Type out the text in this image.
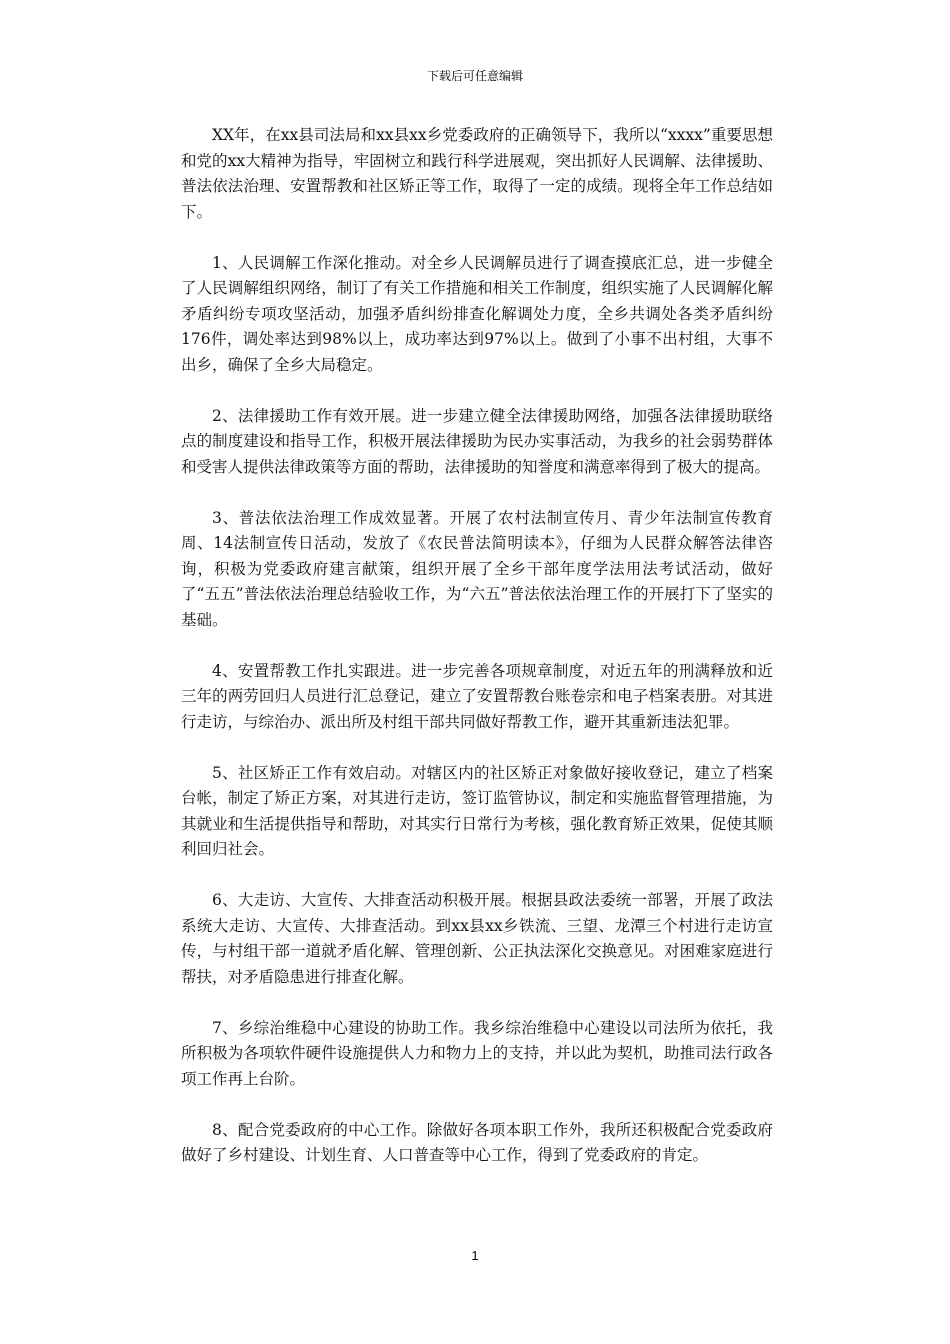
下载后可任意编辑

XX年，在xx县司法局和xx县xx乡党委政府的正确领导下，我所以“xxxx”重要思想和党的xx大精神为指导，牢固树立和践行科学进展观，突出抓好人民调解、法律援助、普法依法治理、安置帮教和社区矫正等工作，取得了一定的成绩。现将全年工作总结如下。

1、人民调解工作深化推动。对全乡人民调解员进行了调查摸底汇总，进一步健全了人民调解组织网络，制订了有关工作措施和相关工作制度，组织实施了人民调解化解矛盾纠纷专项攻坚活动，加强矛盾纠纷排查化解调处力度，全乡共调处各类矛盾纠纷176件，调处率达到98%以上，成功率达到97%以上。做到了小事不出村组，大事不出乡，确保了全乡大局稳定。

2、法律援助工作有效开展。进一步建立健全法律援助网络，加强各法律援助联络点的制度建设和指导工作，积极开展法律援助为民办实事活动，为我乡的社会弱势群体和受害人提供法律政策等方面的帮助，法律援助的知誉度和满意率得到了极大的提高。

3、普法依法治理工作成效显著。开展了农村法制宣传月、青少年法制宣传教育周、14法制宣传日活动，发放了《农民普法简明读本》，仔细为人民群众解答法律咨询，积极为党委政府建言献策，组织开展了全乡干部年度学法用法考试活动，做好了“五五”普法依法治理总结验收工作，为“六五”普法依法治理工作的开展打下了坚实的基础。

4、安置帮教工作扎实跟进。进一步完善各项规章制度，对近五年的刑满释放和近三年的两劳回归人员进行汇总登记，建立了安置帮教台账卷宗和电子档案表册。对其进行走访，与综治办、派出所及村组干部共同做好帮教工作，避开其重新违法犯罪。

5、社区矫正工作有效启动。对辖区内的社区矫正对象做好接收登记，建立了档案台帐，制定了矫正方案，对其进行走访，签订监管协议，制定和实施监督管理措施，为其就业和生活提供指导和帮助，对其实行日常行为考核，强化教育矫正效果，促使其顺利回归社会。

6、大走访、大宣传、大排查活动积极开展。根据县政法委统一部署，开展了政法系统大走访、大宣传、大排查活动。到xx县xx乡铁流、三望、龙潭三个村进行走访宣传，与村组干部一道就矛盾化解、管理创新、公正执法深化交换意见。对困难家庭进行帮扶，对矛盾隐患进行排查化解。

7、乡综治维稳中心建设的协助工作。我乡综治维稳中心建设以司法所为依托，我所积极为各项软件硬件设施提供人力和物力上的支持，并以此为契机，助推司法行政各项工作再上台阶。

8、配合党委政府的中心工作。除做好各项本职工作外，我所还积极配合党委政府做好了乡村建设、计划生育、人口普查等中心工作，得到了党委政府的肯定。

1
